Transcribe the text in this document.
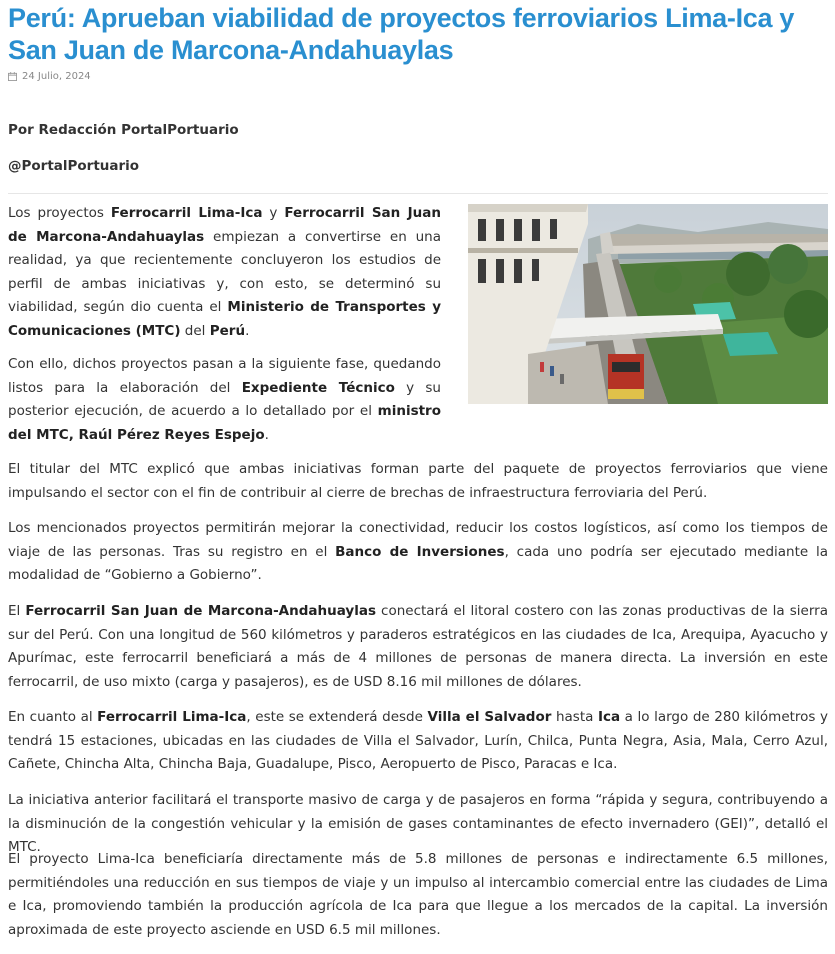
Perú: Aprueban viabilidad de proyectos ferroviarios Lima-Ica y San Juan de Marcona-Andahuaylas
24 Julio, 2024
Por Redacción PortalPortuario
@PortalPortuario

Los proyectos Ferrocarril Lima-Ica y Ferrocarril San Juan de Marcona-Andahuaylas empiezan a convertirse en una realidad, ya que recientemente concluyeron los estudios de perfil de ambas iniciativas y, con esto, se determinó su viabilidad, según dio cuenta el Ministerio de Transportes y Comunicaciones (MTC) del Perú.

Con ello, dichos proyectos pasan a la siguiente fase, quedando listos para la elaboración del Expediente Técnico y su posterior ejecución, de acuerdo a lo detallado por el ministro del MTC, Raúl Pérez Reyes Espejo.

El titular del MTC explicó que ambas iniciativas forman parte del paquete de proyectos ferroviarios que viene impulsando el sector con el fin de contribuir al cierre de brechas de infraestructura ferroviaria del Perú.

Los mencionados proyectos permitirán mejorar la conectividad, reducir los costos logísticos, así como los tiempos de viaje de las personas. Tras su registro en el Banco de Inversiones, cada uno podría ser ejecutado mediante la modalidad de “Gobierno a Gobierno”.

El Ferrocarril San Juan de Marcona-Andahuaylas conectará el litoral costero con las zonas productivas de la sierra sur del Perú. Con una longitud de 560 kilómetros y paraderos estratégicos en las ciudades de Ica, Arequipa, Ayacucho y Apurímac, este ferrocarril beneficiará a más de 4 millones de personas de manera directa. La inversión en este ferrocarril, de uso mixto (carga y pasajeros), es de USD 8.16 mil millones de dólares.

En cuanto al Ferrocarril Lima-Ica, este se extenderá desde Villa el Salvador hasta Ica a lo largo de 280 kilómetros y tendrá 15 estaciones, ubicadas en las ciudades de Villa el Salvador, Lurín, Chilca, Punta Negra, Asia, Mala, Cerro Azul, Cañete, Chincha Alta, Chincha Baja, Guadalupe, Pisco, Aeropuerto de Pisco, Paracas e Ica.

La iniciativa anterior facilitará el transporte masivo de carga y de pasajeros en forma “rápida y segura, contribuyendo a la disminución de la congestión vehicular y la emisión de gases contaminantes de efecto invernadero (GEI)”, detalló el MTC.

El proyecto Lima-Ica beneficiaría directamente más de 5.8 millones de personas e indirectamente 6.5 millones, permitiéndoles una reducción en sus tiempos de viaje y un impulso al intercambio comercial entre las ciudades de Lima e Ica, promoviendo también la producción agrícola de Ica para que llegue a los mercados de la capital. La inversión aproximada de este proyecto asciende en USD 6.5 mil millones.
